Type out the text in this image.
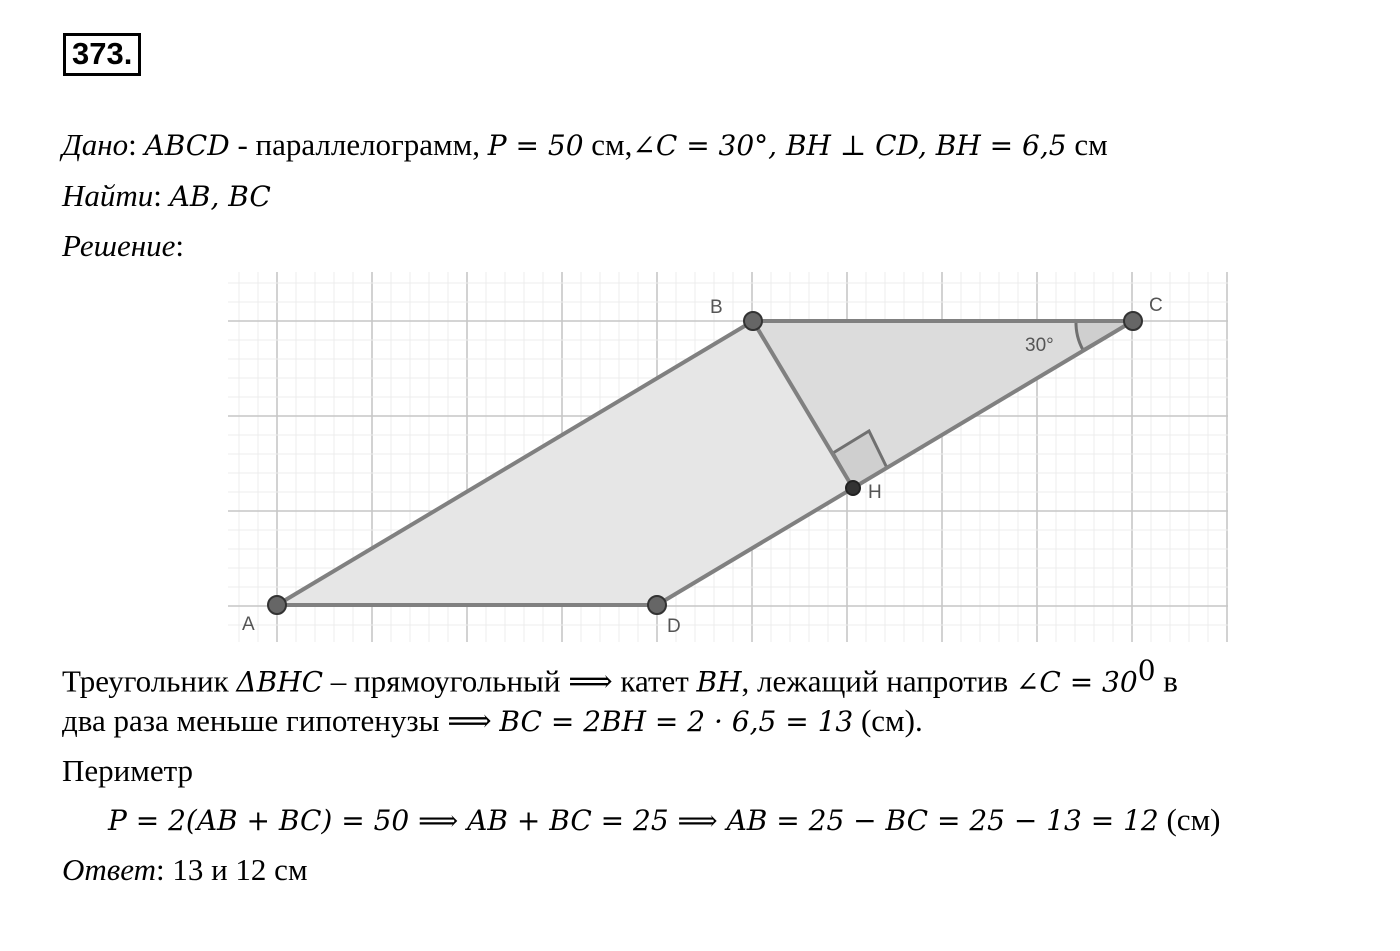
373.
Дано: ABCD - параллелограмм, P = 50 см,∠C = 30°, BH ⊥ CD, BH = 6,5 см
Найти: AB, BC
Решение:
A
B	C
D
H
30°
Треугольник ΔBHC – прямоугольный ⟹ катет BH, лежащий напротив ∠C = $30^0$ в
два раза меньше гипотенузы ⟹ BC = 2BH = 2 · 6,5 = 13 (см).
Периметр
P = 2(AB + BC) = 50 ⟹ AB + BC = 25 ⟹ AB = 25 − BC = 25 − 13 = 12 (см)
Ответ: 13 и 12 см
